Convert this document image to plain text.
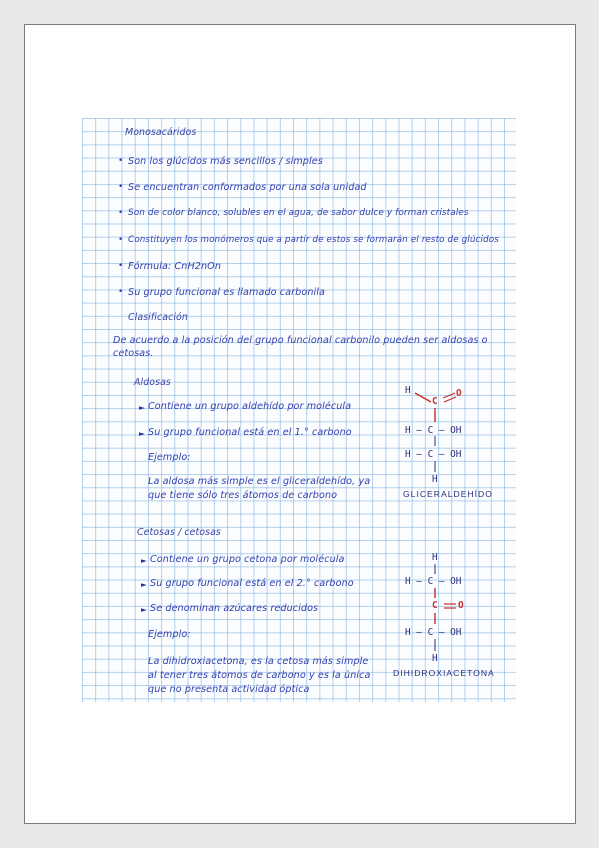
Monosacáridos
• Son los glúcidos más sencillos / simples
• Se encuentran conformados por una sola unidad
• Son de color blanco, solubles en el agua, de sabor dulce y forman cristales
• Constituyen los monómeros que a partir de estos se formarán el resto de glúcidos
• Fórmula: CnH2nOn
• Su grupo funcional es llamado carbonila
Clasificación
De acuerdo a la posición del grupo funcional carbonilo pueden ser aldosas o cetosas.
Aldosas
► Contiene un grupo aldehído por molécula
► Su grupo funcional está en el 1.° carbono
Ejemplo:
La aldosa más simple es el gliceraldehído, ya
que tiene sólo tres átomos de carbono
H
C
O
H — C — OH
H — C — OH
H
GLICERALDEHÍDO
Cetosas / cetosas
► Contiene un grupo cetona por molécula
► Su grupo funcional está en el 2.° carbono
► Se denominan azúcares reducidos
Ejemplo:
La dihidroxiacetona, es la cetosa más simple
al tener tres átomos de carbono y es la única
que no presenta actividad óptica
H
H — C — OH
C O
H — C — OH
H
DIHIDROXIACETONA
